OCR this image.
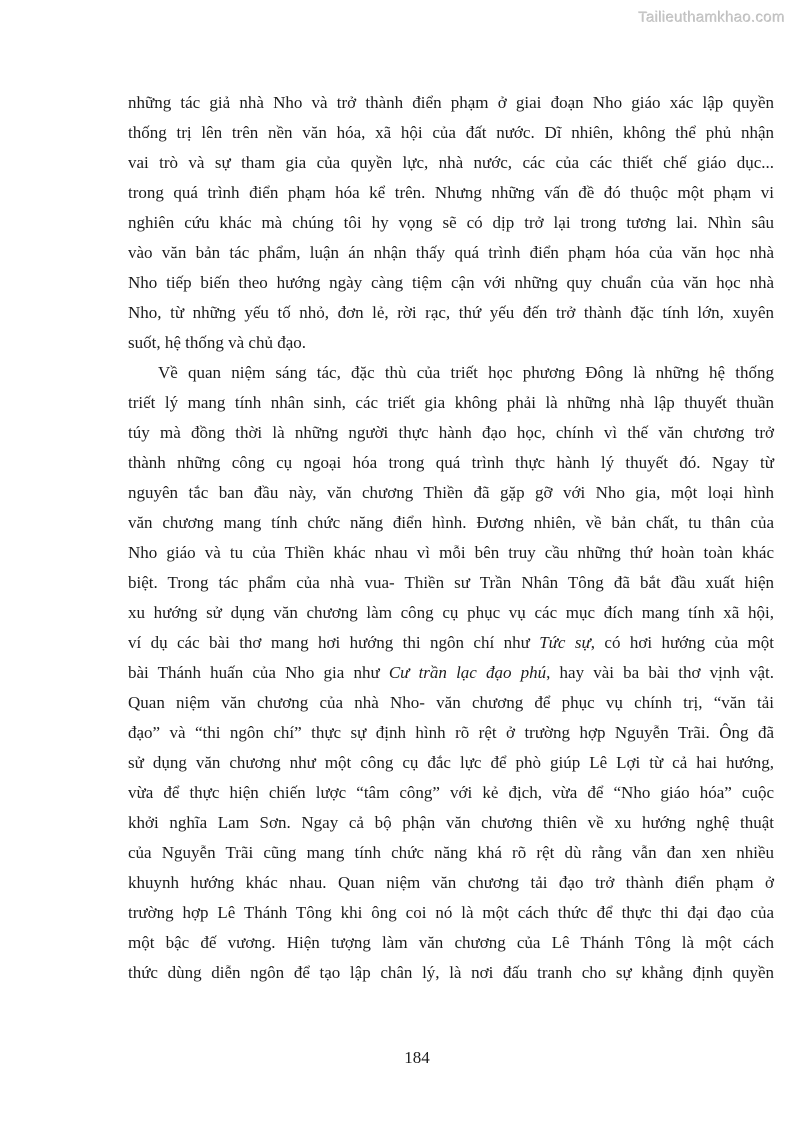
Tailieuthamkhao.com
những tác giả nhà Nho và trở thành điển phạm ở giai đoạn Nho giáo xác lập quyền
thống trị lên trên nền văn hóa, xã hội của đất nước. Dĩ nhiên, không thể phủ nhận
vai trò và sự tham gia của quyền lực, nhà nước, các của các thiết chế giáo dục...
trong quá trình điển phạm hóa kể trên. Nhưng những vấn đề đó thuộc một phạm vi
nghiên cứu khác mà chúng tôi hy vọng sẽ có dịp trở lại trong tương lai. Nhìn sâu
vào văn bản tác phẩm, luận án nhận thấy quá trình điển phạm hóa của văn học nhà
Nho tiếp biến theo hướng ngày càng tiệm cận với những quy chuẩn của văn học nhà
Nho, từ những yếu tố nhỏ, đơn lẻ, rời rạc, thứ yếu đến trở thành đặc tính lớn, xuyên
suốt, hệ thống và chủ đạo.
Về quan niệm sáng tác, đặc thù của triết học phương Đông là những hệ thống
triết lý mang tính nhân sinh, các triết gia không phải là những nhà lập thuyết thuần
túy mà đồng thời là những người thực hành đạo học, chính vì thế văn chương trở
thành những công cụ ngoại hóa trong quá trình thực hành lý thuyết đó. Ngay từ
nguyên tắc ban đầu này, văn chương Thiền đã gặp gỡ với Nho gia, một loại hình
văn chương mang tính chức năng điển hình. Đương nhiên, về bản chất, tu thân của
Nho giáo và tu của Thiền khác nhau vì mỗi bên truy cầu những thứ hoàn toàn khác
biệt. Trong tác phẩm của nhà vua- Thiền sư Trần Nhân Tông đã bắt đầu xuất hiện
xu hướng sử dụng văn chương làm công cụ phục vụ các mục đích mang tính xã hội,
ví dụ các bài thơ mang hơi hướng thi ngôn chí như Tức sự, có hơi hướng của một
bài Thánh huấn của Nho gia như Cư trần lạc đạo phú, hay vài ba bài thơ vịnh vật.
Quan niệm văn chương của nhà Nho- văn chương để phục vụ chính trị, “văn tải
đạo” và “thi ngôn chí” thực sự định hình rõ rệt ở trường hợp Nguyễn Trãi. Ông đã
sử dụng văn chương như một công cụ đắc lực để phò giúp Lê Lợi từ cả hai hướng,
vừa để thực hiện chiến lược “tâm công” với kẻ địch, vừa để “Nho giáo hóa” cuộc
khởi nghĩa Lam Sơn. Ngay cả bộ phận văn chương thiên về xu hướng nghệ thuật
của Nguyễn Trãi cũng mang tính chức năng khá rõ rệt dù rằng vẫn đan xen nhiều
khuynh hướng khác nhau. Quan niệm văn chương tải đạo trở thành điển phạm ở
trường hợp Lê Thánh Tông khi ông coi nó là một cách thức để thực thi đại đạo của
một bậc đế vương. Hiện tượng làm văn chương của Lê Thánh Tông là một cách
thức dùng diễn ngôn để tạo lập chân lý, là nơi đấu tranh cho sự khẳng định quyền
184
